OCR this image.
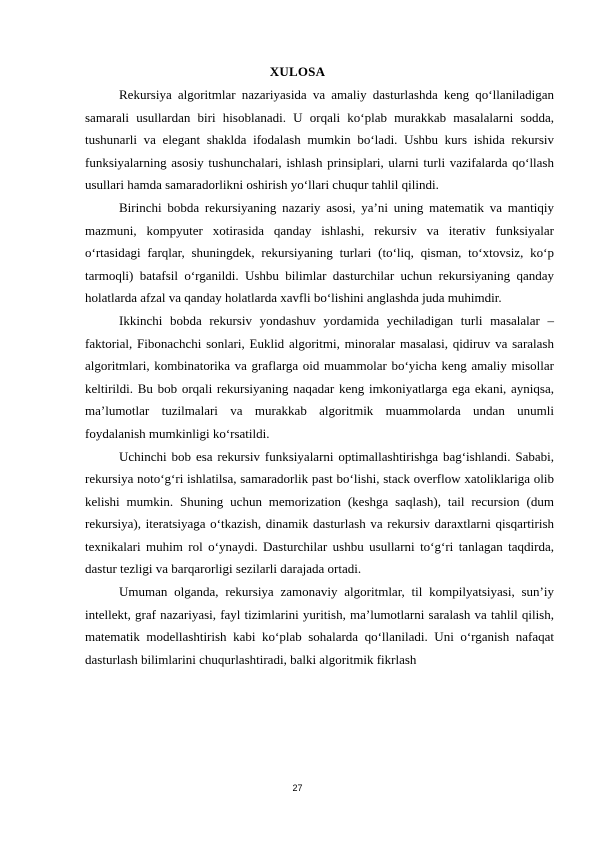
XULOSA

Rekursiya algoritmlar nazariyasida va amaliy dasturlashda keng qo‘llaniladigan samarali usullardan biri hisoblanadi. U orqali ko‘plab murakkab masalalarni sodda, tushunarli va elegant shaklda ifodalash mumkin bo‘ladi. Ushbu kurs ishida rekursiv funksiyalarning asosiy tushunchalari, ishlash prinsiplari, ularni turli vazifalarda qo‘llash usullari hamda samaradorlikni oshirish yo‘llari chuqur tahlil qilindi.

Birinchi bobda rekursiyaning nazariy asosi, ya’ni uning matematik va mantiqiy mazmuni, kompyuter xotirasida qanday ishlashi, rekursiv va iterativ funksiyalar o‘rtasidagi farqlar, shuningdek, rekursiyaning turlari (to‘liq, qisman, to‘xtovsiz, ko‘p tarmoqli) batafsil o‘rganildi. Ushbu bilimlar dasturchilar uchun rekursiyaning qanday holatlarda afzal va qanday holatlarda xavfli bo‘lishini anglashda juda muhimdir.

Ikkinchi bobda rekursiv yondashuv yordamida yechiladigan turli masalalar – faktorial, Fibonachchi sonlari, Euklid algoritmi, minoralar masalasi, qidiruv va saralash algoritmlari, kombinatorika va graflarga oid muammolar bo‘yicha keng amaliy misollar keltirildi. Bu bob orqali rekursiyaning naqadar keng imkoniyatlarga ega ekani, ayniqsa, ma’lumotlar tuzilmalari va murakkab algoritmik muammolarda undan unumli foydalanish mumkinligi ko‘rsatildi.

Uchinchi bob esa rekursiv funksiyalarni optimallashtirishga bag‘ishlandi. Sababi, rekursiya noto‘g‘ri ishlatilsa, samaradorlik past bo‘lishi, stack overflow xatoliklariga olib kelishi mumkin. Shuning uchun memorization (keshga saqlash), tail recursion (dum rekursiya), iteratsiyaga o‘tkazish, dinamik dasturlash va rekursiv daraxtlarni qisqartirish texnikalari muhim rol o‘ynaydi. Dasturchilar ushbu usullarni to‘g‘ri tanlagan taqdirda, dastur tezligi va barqarorligi sezilarli darajada ortadi.

Umuman olganda, rekursiya zamonaviy algoritmlar, til kompilyatsiyasi, sun’iy intellekt, graf nazariyasi, fayl tizimlarini yuritish, ma’lumotlarni saralash va tahlil qilish, matematik modellashtirish kabi ko‘plab sohalarda qo‘llaniladi. Uni o‘rganish nafaqat dasturlash bilimlarini chuqurlashtiradi, balki algoritmik fikrlash

27
